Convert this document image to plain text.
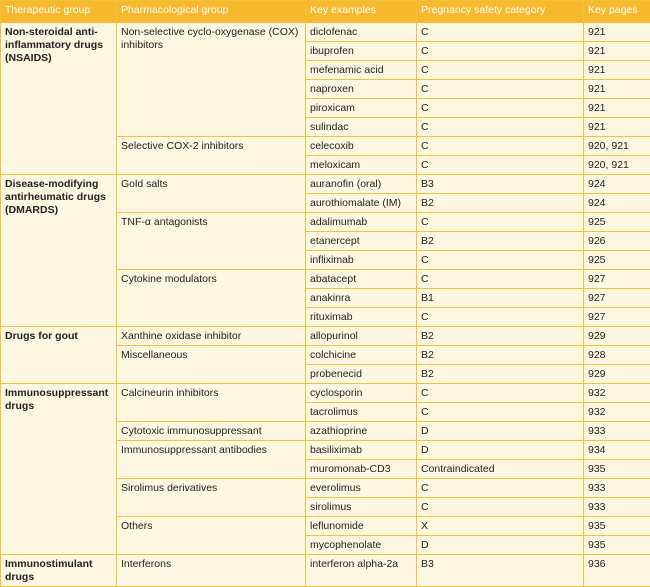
Therapeutic group	Pharmacological group	Key examples	Pregnancy safety category	Key pages
Non-steroidal anti-inflammatory drugs (NSAIDS)	Non-selective cyclo-oxygenase (COX) inhibitors	diclofenac	C	921
		ibuprofen	C	921
		mefenamic acid	C	921
		naproxen	C	921
		piroxicam	C	921
		sulindac	C	921
	Selective COX-2 inhibitors	celecoxib	C	920, 921
		meloxicam	C	920, 921
Disease-modifying antirheumatic drugs (DMARDS)	Gold salts	auranofin (oral)	B3	924
		aurothiomalate (IM)	B2	924
	TNF-α antagonists	adalimumab	C	925
		etanercept	B2	926
		infliximab	C	925
	Cytokine modulators	abatacept	C	927
		anakinra	B1	927
		rituximab	C	927
Drugs for gout	Xanthine oxidase inhibitor	allopurinol	B2	929
	Miscellaneous	colchicine	B2	928
		probenecid	B2	929
Immunosuppressant drugs	Calcineurin inhibitors	cyclosporin	C	932
		tacrolimus	C	932
	Cytotoxic immunosuppressant	azathioprine	D	933
	Immunosuppressant antibodies	basiliximab	D	934
		muromonab-CD3	Contraindicated	935
	Sirolimus derivatives	everolimus	C	933
		sirolimus	C	933
	Others	leflunomide	X	935
		mycophenolate	D	935
Immunostimulant drugs	Interferons	interferon alpha-2a	B3	936
